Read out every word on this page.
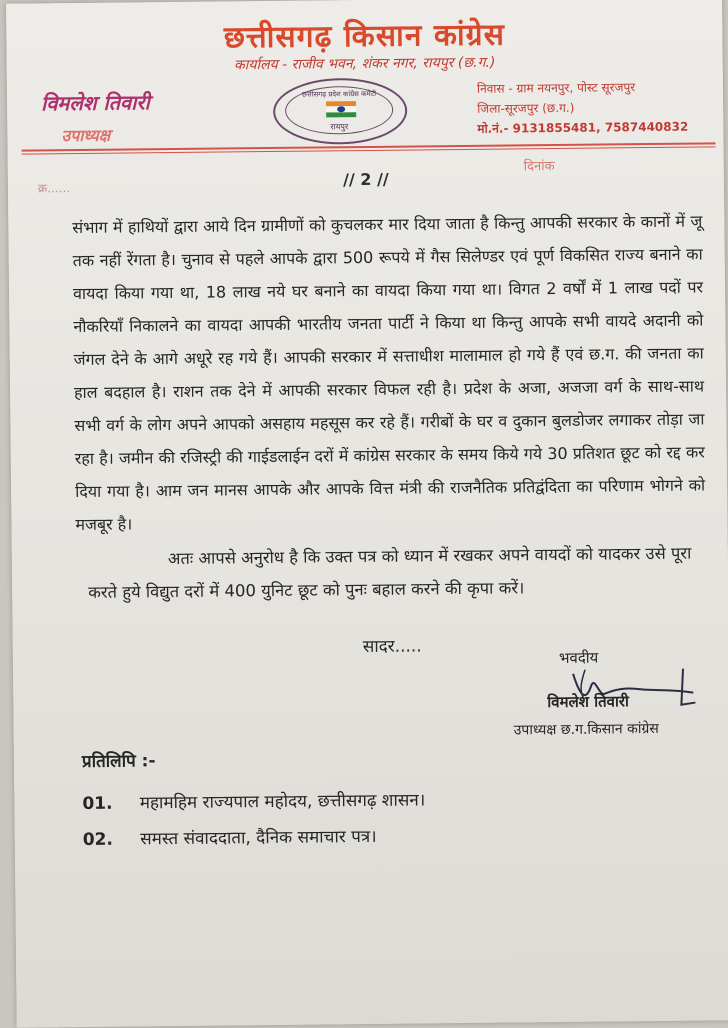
छत्तीसगढ़ किसान कांग्रेस
कार्यालय - राजीव भवन, शंकर नगर, रायपुर (छ.ग.)
विमलेश तिवारी
उपाध्यक्ष
छत्तीसगढ़ प्रदेश कांग्रेस कमेटी
रायपुर
निवास - ग्राम नयनपुर, पोस्ट सूरजपुर
जिला-सूरजपुर (छ.ग.)
मो.नं.- 9131855481, 7587440832
क्र......	// 2 //
दिनांक
संभाग में हाथियों द्वारा आये दिन ग्रामीणों को कुचलकर मार दिया जाता है किन्तु आपकी सरकार के कानों में जू तक नहीं रेंगता है। चुनाव से पहले आपके द्वारा 500 रूपये में गैस सिलेण्डर एवं पूर्ण विकसित राज्य बनाने का वायदा किया गया था, 18 लाख नये घर बनाने का वायदा किया गया था। विगत 2 वर्षों में 1 लाख पदों पर नौकरियाँ निकालने का वायदा आपकी भारतीय जनता पार्टी ने किया था किन्तु आपके सभी वायदे अदानी को जंगल देने के आगे अधूरे रह गये हैं। आपकी सरकार में सत्ताधीश मालामाल हो गये हैं एवं छ.ग. की जनता का हाल बदहाल है। राशन तक देने में आपकी सरकार विफल रही है। प्रदेश के अजा, अजजा वर्ग के साथ-साथ सभी वर्ग के लोग अपने आपको असहाय महसूस कर रहे हैं। गरीबों के घर व दुकान बुलडोजर लगाकर तोड़ा जा रहा है। जमीन की रजिस्ट्री की गाईडलाईन दरों में कांग्रेस सरकार के समय किये गये 30 प्रतिशत छूट को रद्द कर दिया गया है। आम जन मानस आपके और आपके वित्त मंत्री की राजनैतिक प्रतिद्वंदिता का परिणाम भोगने को मजबूर है।
अतः आपसे अनुरोध है कि उक्त पत्र को ध्यान में रखकर अपने वायदों को यादकर उसे पूरा करते हुये विद्युत दरों में 400 युनिट छूट को पुनः बहाल करने की कृपा करें।
सादर.....
भवदीय
विमलेश तिवारी
उपाध्यक्ष छ.ग.किसान कांग्रेस
प्रतिलिपि :-
01. महामहिम राज्यपाल महोदय, छत्तीसगढ़ शासन।
02. समस्त संवाददाता, दैनिक समाचार पत्र।
